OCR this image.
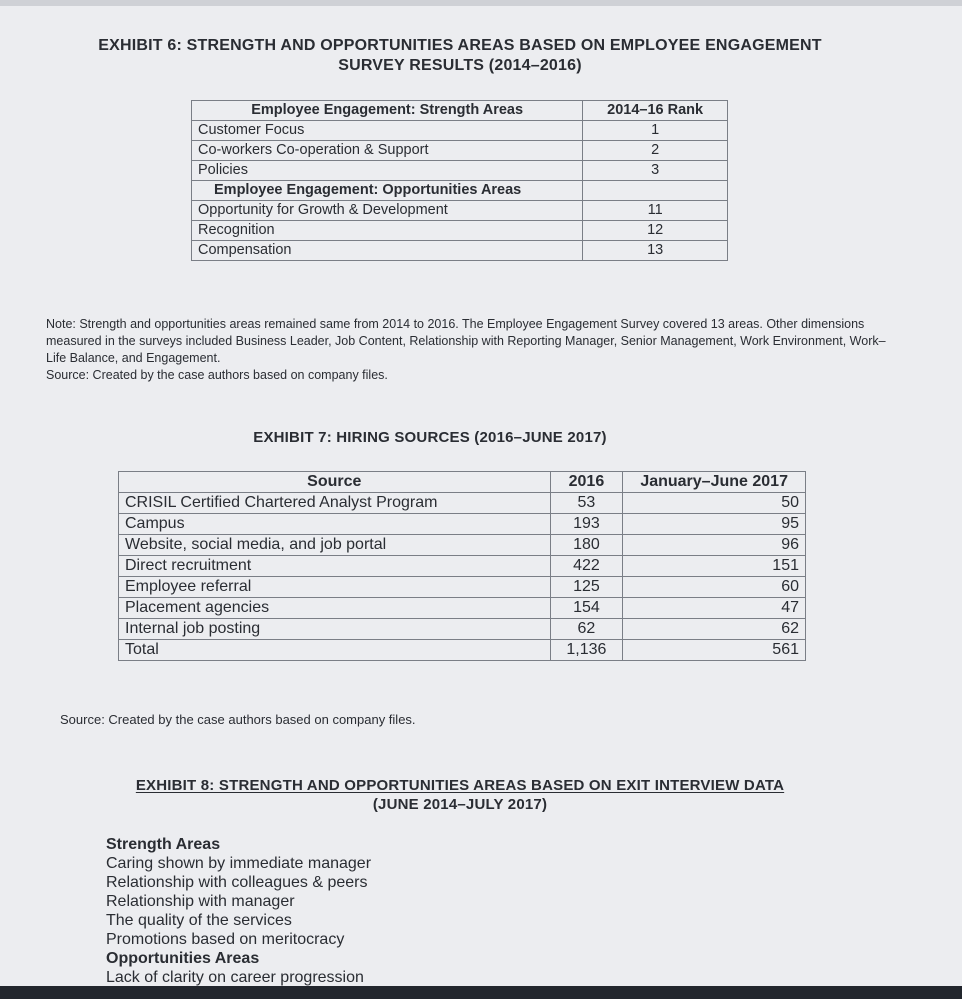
EXHIBIT 6: STRENGTH AND OPPORTUNITIES AREAS BASED ON EMPLOYEE ENGAGEMENT
SURVEY RESULTS (2014–2016)
Employee Engagement: Strength Areas	2014–16 Rank
Customer Focus	1
Co-workers Co-operation & Support	2
Policies	3
Employee Engagement: Opportunities Areas	
Opportunity for Growth & Development	11
Recognition	12
Compensation	13
Note: Strength and opportunities areas remained same from 2014 to 2016. The Employee Engagement Survey covered 13 areas. Other dimensions measured in the surveys included Business Leader, Job Content, Relationship with Reporting Manager, Senior Management, Work Environment, Work–Life Balance, and Engagement.
Source: Created by the case authors based on company files.
EXHIBIT 7: HIRING SOURCES (2016–JUNE 2017)
Source	2016	January–June 2017
CRISIL Certified Chartered Analyst Program	53	50
Campus	193	95
Website, social media, and job portal	180	96
Direct recruitment	422	151
Employee referral	125	60
Placement agencies	154	47
Internal job posting	62	62
Total	1,136	561
Source: Created by the case authors based on company files.
EXHIBIT 8: STRENGTH AND OPPORTUNITIES AREAS BASED ON EXIT INTERVIEW DATA
(JUNE 2014–JULY 2017)
Strength Areas
Caring shown by immediate manager
Relationship with colleagues & peers
Relationship with manager
The quality of the services
Promotions based on meritocracy
Opportunities Areas
Lack of clarity on career progression
